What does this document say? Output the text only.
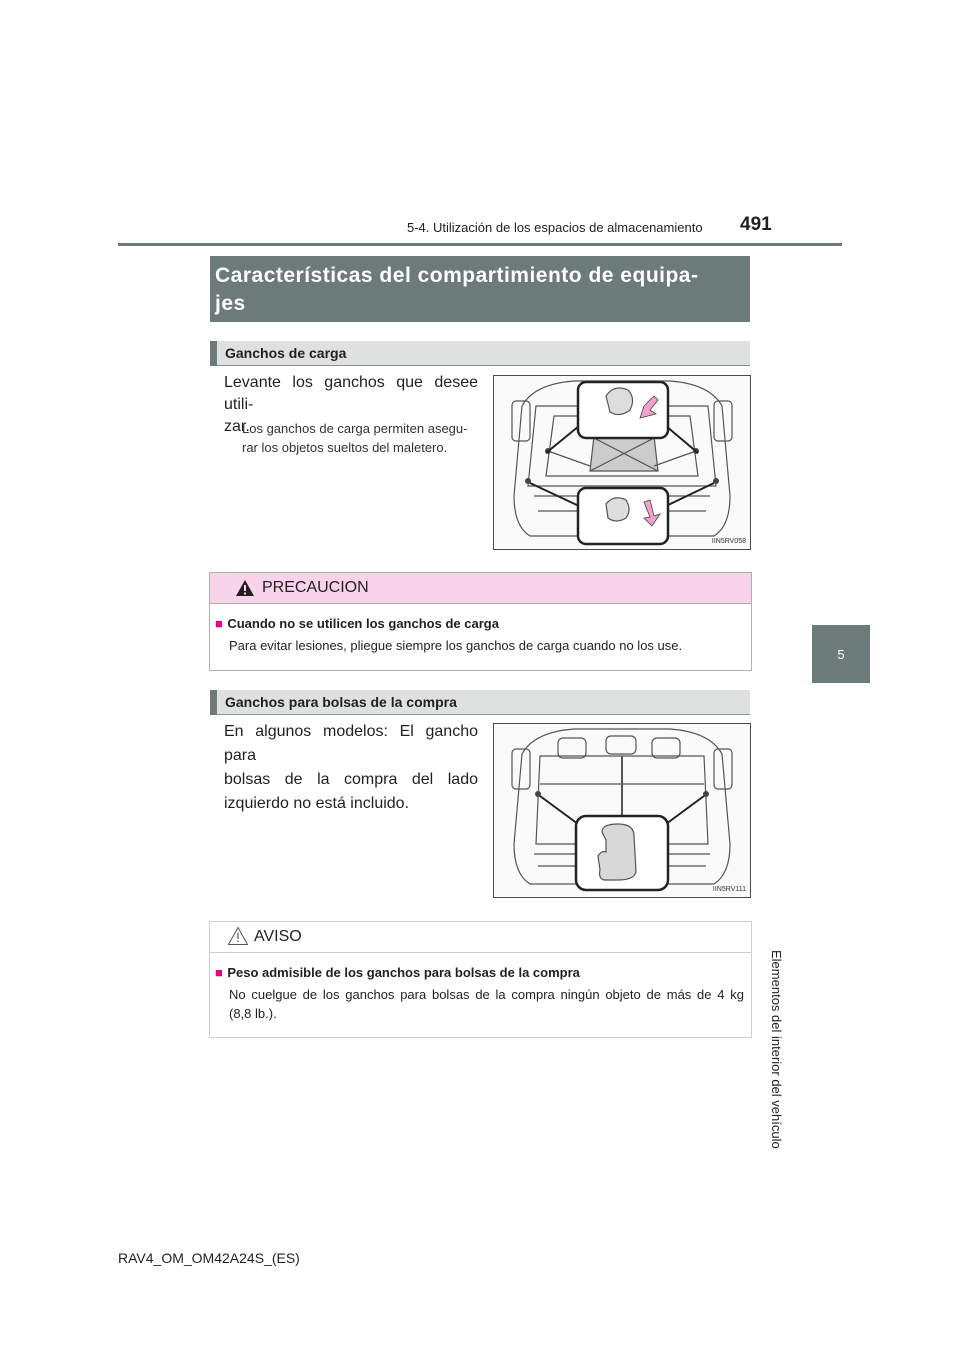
5-4. Utilización de los espacios de almacenamiento 491
5
Elementos del interior del vehículo
Características del compartimiento de equipa-
jes
Ganchos de carga
Levante los ganchos que desee utili-
zar.
Los ganchos de carga permiten asegu-
rar los objetos sueltos del maletero.
IIN5RV058
PRECAUCION
■ Cuando no se utilicen los ganchos de carga
Para evitar lesiones, pliegue siempre los ganchos de carga cuando no los use.
Ganchos para bolsas de la compra
En algunos modelos: El gancho para
bolsas de la compra del lado
izquierdo no está incluido.
IIN5RV111
AVISO
■ Peso admisible de los ganchos para bolsas de la compra
No cuelgue de los ganchos para bolsas de la compra ningún objeto de más de 4 kg
(8,8 lb.).
RAV4_OM_OM42A24S_(ES)
